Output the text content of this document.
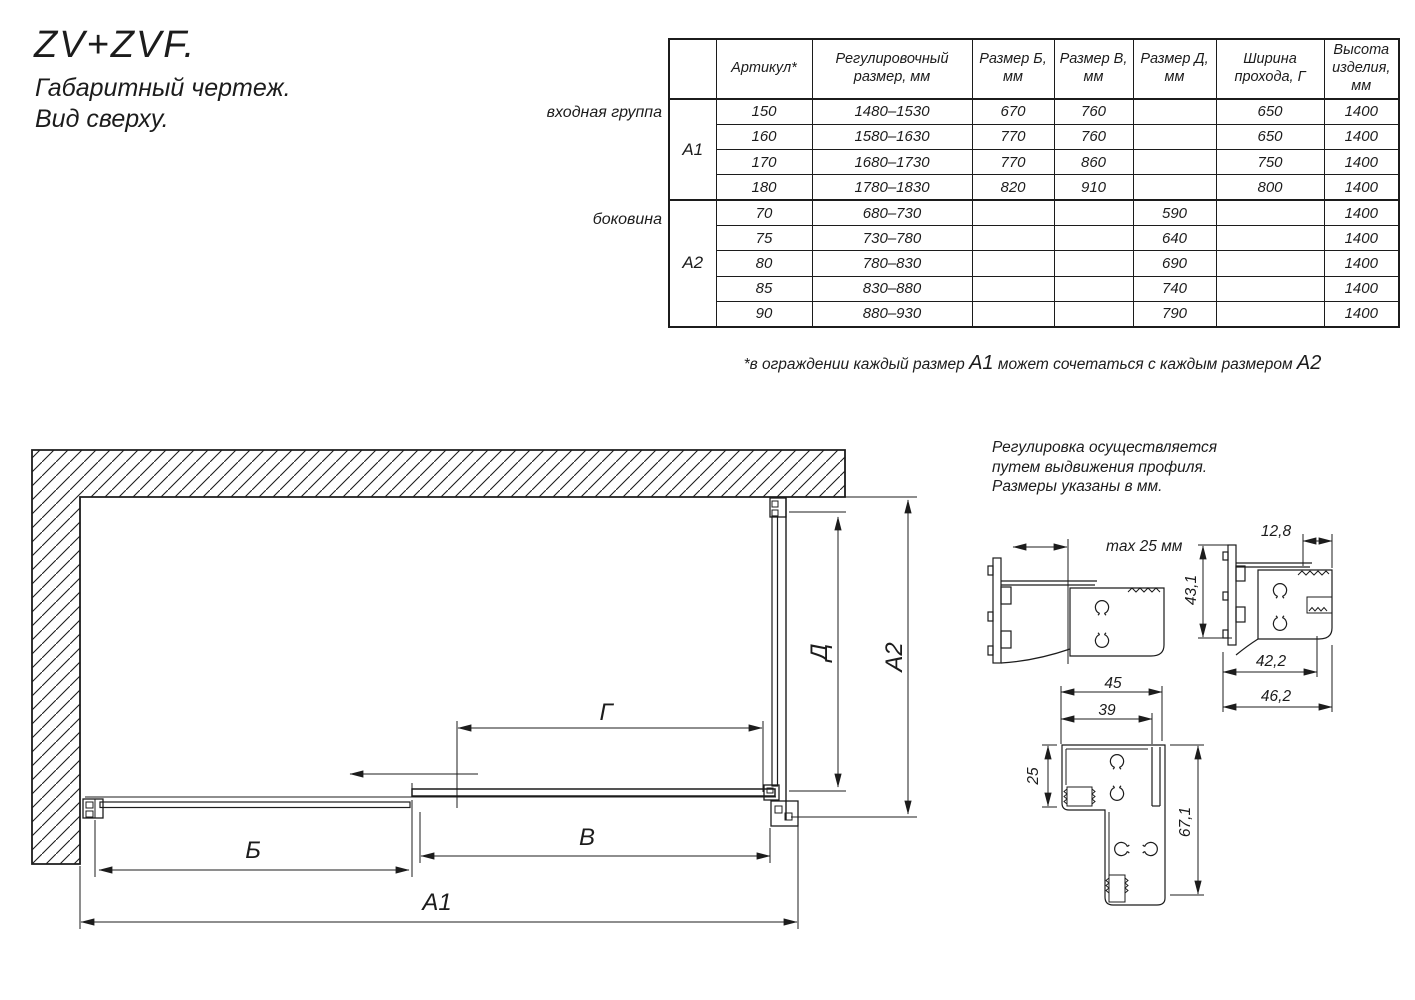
ZV+ZVF.
Габаритный чертеж.
Вид сверху.	входная группа
боковина
	Артикул*	Регулировочный размер, мм	Размер Б, мм	Размер В, мм	Размер Д, мм	Ширина прохода, Г	Высота изделия, мм
А1	150	1480–1530	670	760		650	1400
	160	1580–1630	770	760		650	1400
	170	1680–1730	770	860		750	1400
	180	1780–1830	820	910		800	1400
А2	70	680–730			590		1400
	75	730–780			640		1400
	80	780–830			690		1400
	85	830–880			740		1400
	90	880–930			790		1400
*в ограждении каждый размер А1 может сочетаться с каждым размером А2
Регулировка осуществляется
путем выдвижения профиля.
Размеры указаны в мм.
Б	В
А1
Г
Д А2
max 25 мм
12,8
43,1
42,2
46,2
45
39
25
67,1
